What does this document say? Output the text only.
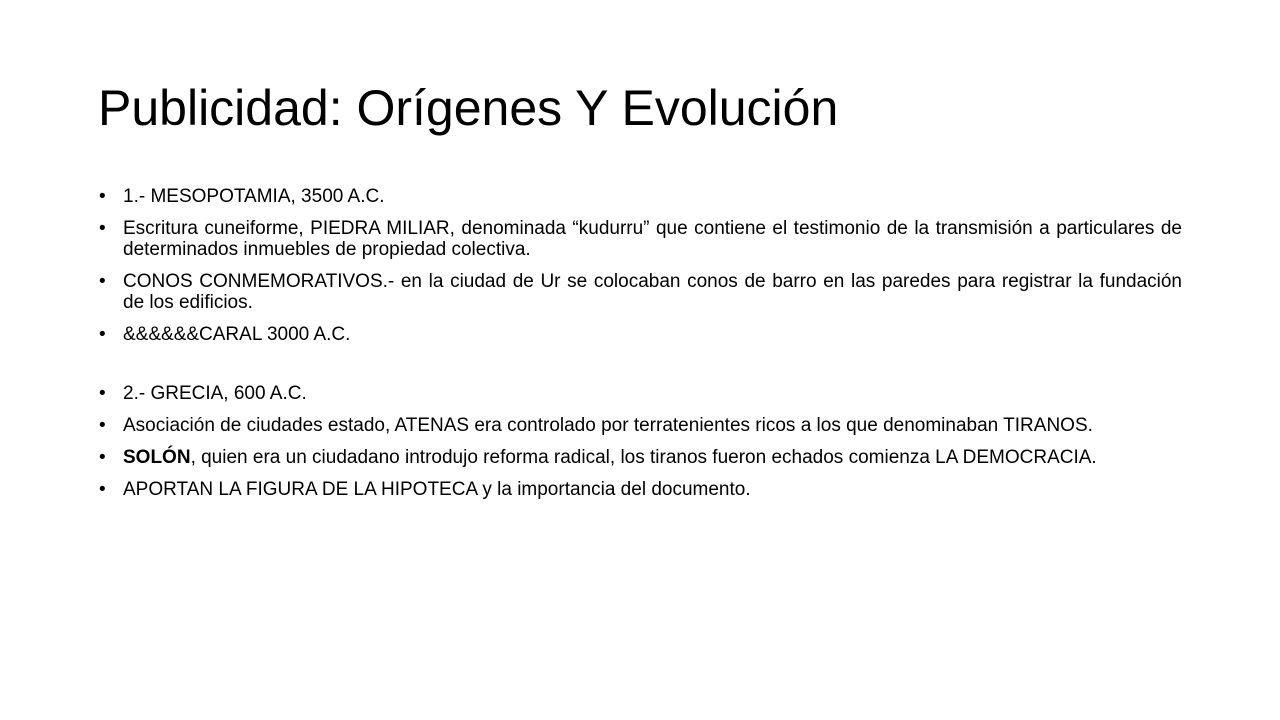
Publicidad: Orígenes Y Evolución
• 1.- MESOPOTAMIA, 3500 A.C.
• Escritura cuneiforme, PIEDRA MILIAR, denominada “kudurru” que contiene el testimonio de la transmisión a particulares de determinados inmuebles de propiedad colectiva.
• CONOS CONMEMORATIVOS.- en la ciudad de Ur se colocaban conos de barro en las paredes para registrar la fundación de los edificios.
• &&&&&&CARAL 3000 A.C.
• 2.- GRECIA, 600 A.C.
• Asociación de ciudades estado, ATENAS era controlado por terratenientes ricos a los que denominaban TIRANOS.
• SOLÓN, quien era un ciudadano introdujo reforma radical, los tiranos fueron echados comienza LA DEMOCRACIA.
• APORTAN LA FIGURA DE LA HIPOTECA y la importancia del documento.
